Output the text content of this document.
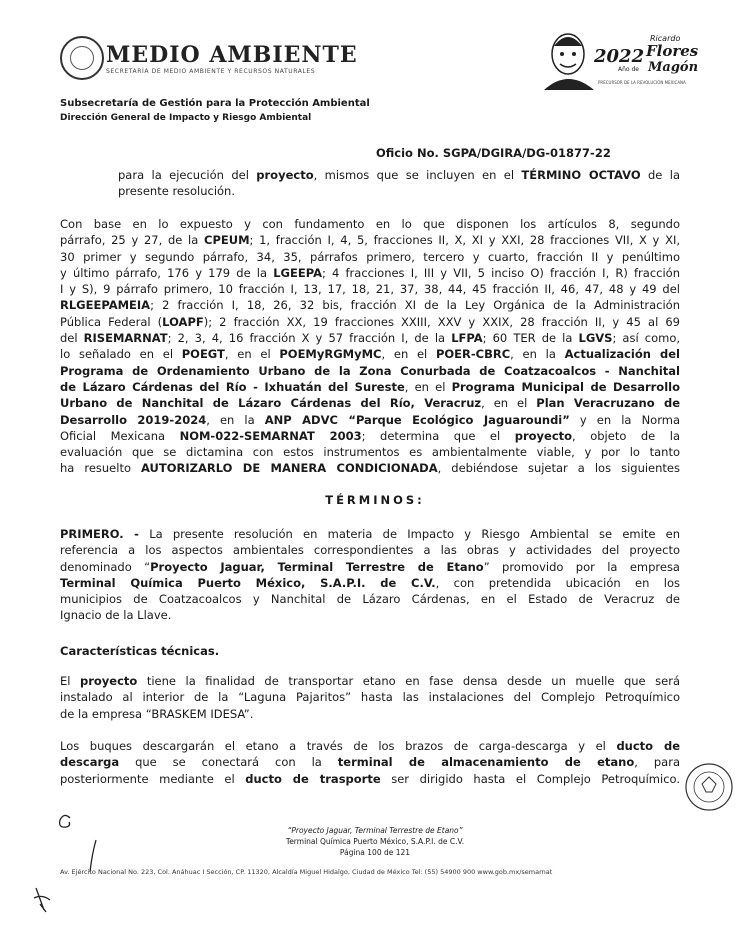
MEDIO AMBIENTE
SECRETARÍA DE MEDIO AMBIENTE Y RECURSOS NATURALES
Subsecretaría de Gestión para la Protección Ambiental
Dirección General de Impacto y Riesgo Ambiental
2022
Ricardo
Flores
Magón
Año de
PRECURSOR DE LA REVOLUCIÓN MEXICANA
Oficio No. SGPA/DGIRA/DG-01877-22
para la ejecución del proyecto, mismos que se incluyen en el TÉRMINO OCTAVO de la
presente resolución.
Con base en lo expuesto y con fundamento en lo que disponen los artículos 8, segundo
párrafo, 25 y 27, de la CPEUM; 1, fracción I, 4, 5, fracciones II, X, XI y XXI, 28 fracciones VII, X y XI,
30 primer y segundo párrafo, 34, 35, párrafos primero, tercero y cuarto, fracción II y penúltimo
y último párrafo, 176 y 179 de la LGEEPA; 4 fracciones I, III y VII, 5 inciso O) fracción I, R) fracción
I y S), 9 párrafo primero, 10 fracción I, 13, 17, 18, 21, 37, 38, 44, 45 fracción II, 46, 47, 48 y 49 del
RLGEEPAMEIA; 2 fracción I, 18, 26, 32 bis, fracción XI de la Ley Orgánica de la Administración
Pública Federal (LOAPF); 2 fracción XX, 19 fracciones XXIII, XXV y XXIX, 28 fracción II, y 45 al 69
del RISEMARNAT; 2, 3, 4, 16 fracción X y 57 fracción I, de la LFPA; 60 TER de la LGVS; así como,
lo señalado en el POEGT, en el POEMyRGMyMC, en el POER-CBRC, en la Actualización del
Programa de Ordenamiento Urbano de la Zona Conurbada de Coatzacoalcos - Nanchital
de Lázaro Cárdenas del Río - Ixhuatán del Sureste, en el Programa Municipal de Desarrollo
Urbano de Nanchital de Lázaro Cárdenas del Río, Veracruz, en el Plan Veracruzano de
Desarrollo 2019-2024, en la ANP ADVC “Parque Ecológico Jaguaroundi” y en la Norma
Oficial Mexicana NOM-022-SEMARNAT 2003; determina que el proyecto, objeto de la
evaluación que se dictamina con estos instrumentos es ambientalmente viable, y por lo tanto
ha resuelto AUTORIZARLO DE MANERA CONDICIONADA, debiéndose sujetar a los siguientes
TÉRMINOS:
PRIMERO. - La presente resolución en materia de Impacto y Riesgo Ambiental se emite en
referencia a los aspectos ambientales correspondientes a las obras y actividades del proyecto
denominado “Proyecto Jaguar, Terminal Terrestre de Etano” promovido por la empresa
Terminal Química Puerto México, S.A.P.I. de C.V., con pretendida ubicación en los
municipios de Coatzacoalcos y Nanchital de Lázaro Cárdenas, en el Estado de Veracruz de
Ignacio de la Llave.
Características técnicas.
El proyecto tiene la finalidad de transportar etano en fase densa desde un muelle que será
instalado al interior de la “Laguna Pajaritos” hasta las instalaciones del Complejo Petroquímico
de la empresa “BRASKEM IDESA”.
Los buques descargarán el etano a través de los brazos de carga-descarga y el ducto de
descarga que se conectará con la terminal de almacenamiento de etano, para
posteriormente mediante el ducto de trasporte ser dirigido hasta el Complejo Petroquímico.
“Proyecto Jaguar, Terminal Terrestre de Etano”
Terminal Química Puerto México, S.A.P.I. de C.V.
Página 100 de 121
Av. Ejército Nacional No. 223, Col. Anáhuac I Sección, CP. 11320, Alcaldía Miguel Hidalgo, Ciudad de México Tel: (55) 54900 900 www.gob.mx/semarnat
